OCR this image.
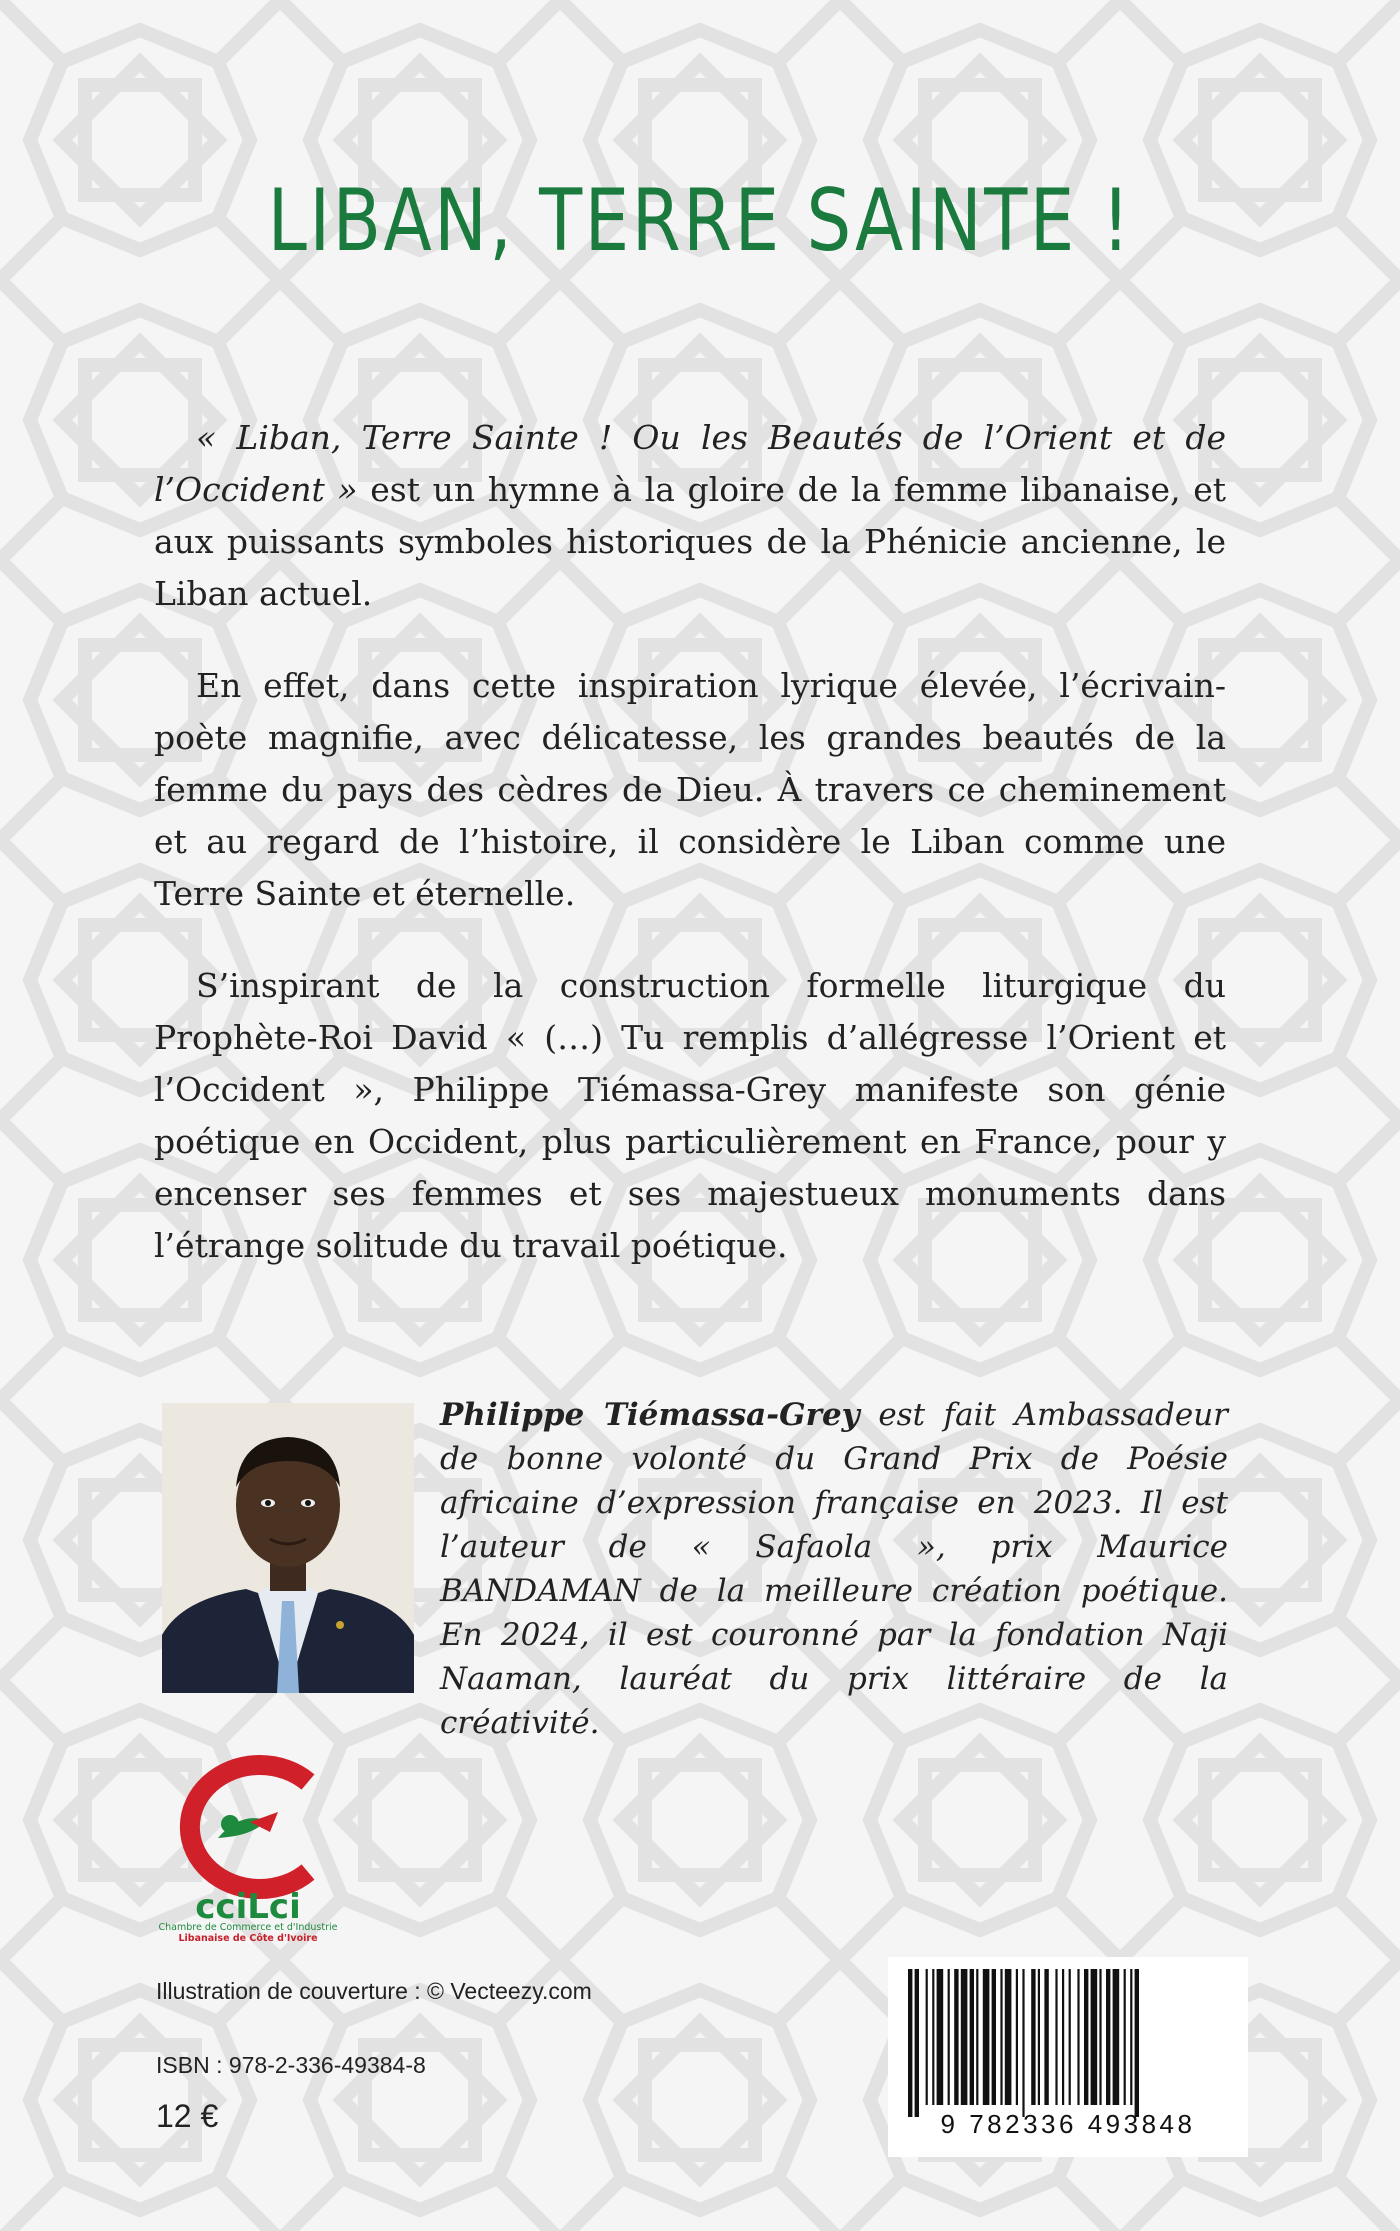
LIBAN, TERRE SAINTE !

« Liban, Terre Sainte ! Ou les Beautés de l’Orient et de l’Occident » est un hymne à la gloire de la femme libanaise, et aux puissants symboles historiques de la Phénicie ancienne, le Liban actuel.

En effet, dans cette inspiration lyrique élevée, l’écrivain-poète magnifie, avec délicatesse, les grandes beautés de la femme du pays des cèdres de Dieu. À travers ce cheminement et au regard de l’histoire, il considère le Liban comme une Terre Sainte et éternelle.

S’inspirant de la construction formelle liturgique du Prophète-Roi David « (…) Tu remplis d’allégresse l’Orient et l’Occident », Philippe Tiémassa-Grey manifeste son génie poétique en Occident, plus particulièrement en France, pour y encenser ses femmes et ses majestueux monuments dans l’étrange solitude du travail poétique.

Philippe Tiémassa-Grey est fait Ambassadeur de bonne volonté du Grand Prix de Poésie africaine d’expression française en 2023. Il est l’auteur de « Safaola », prix Maurice BANDAMAN de la meilleure création poétique. En 2024, il est couronné par la fondation Naji Naaman, lauréat du prix littéraire de la créativité.
cciLci
Chambre de Commerce et d'Industrie
Libanaise de Côte d'Ivoire
Illustration de couverture : © Vecteezy.com
ISBN : 978-2-336-49384-8
12 €	9 782336 493848
